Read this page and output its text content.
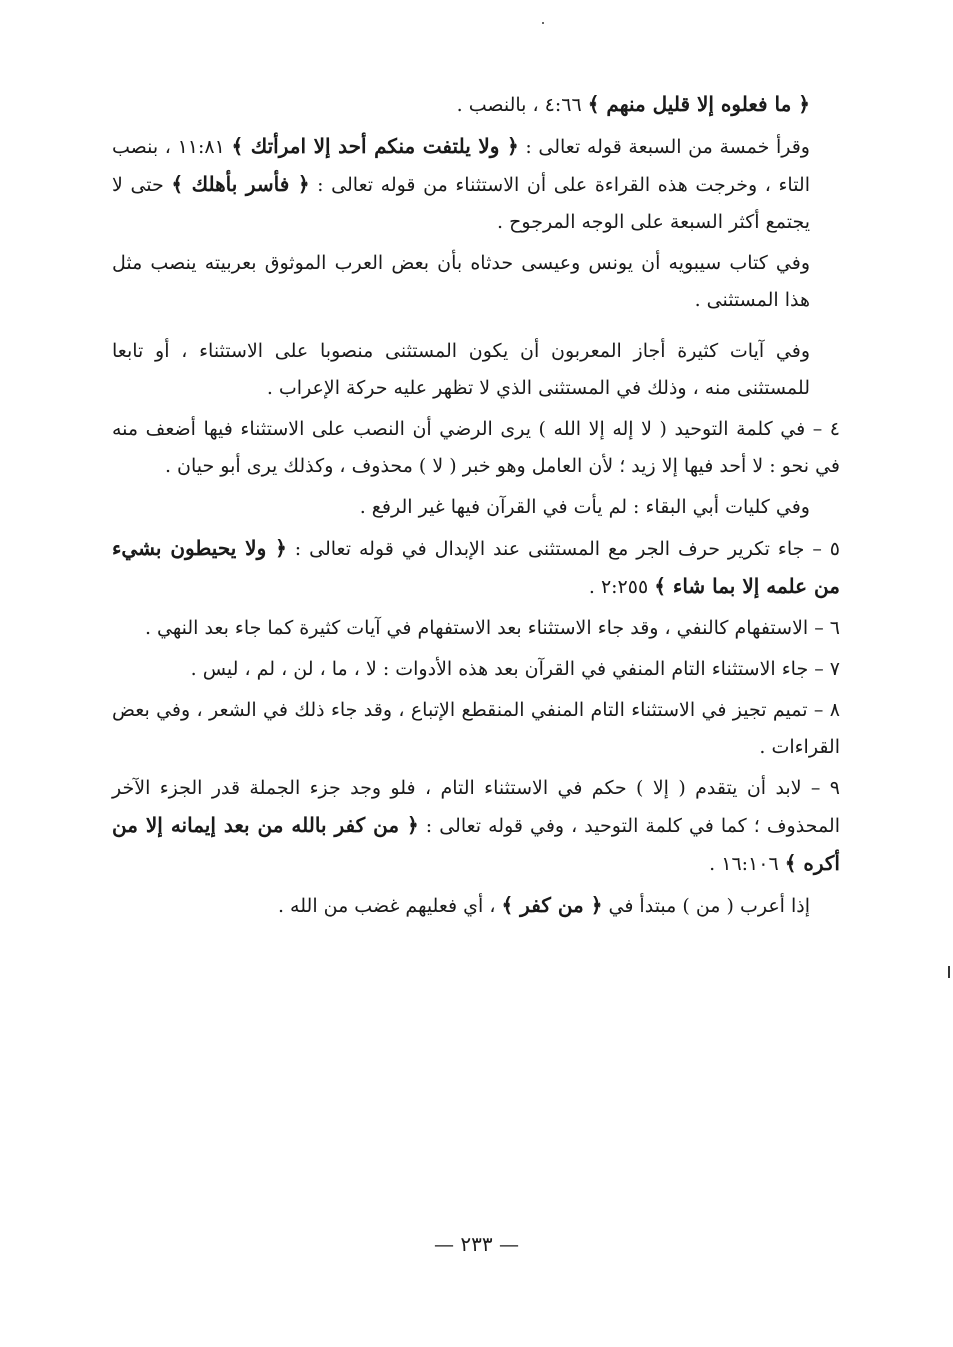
﴿ ما فعلوه إلا قليل منهم ﴾ ٤:٦٦ ، بالنصب .

وقرأ خمسة من السبعة قوله تعالى : ﴿ ولا يلتفت منكم أحد إلا امرأتك ﴾ ١١:٨١ ، بنصب التاء ، وخرجت هذه القراءة على أن الاستثناء من قوله تعالى : ﴿ فأسر بأهلك ﴾ حتى لا يجتمع أكثر السبعة على الوجه المرجوح .

وفي كتاب سيبويه أن يونس وعيسى حدثاه بأن بعض العرب الموثوق بعربيته ينصب مثل هذا المستثنى .

وفي آيات كثيرة أجاز المعربون أن يكون المستثنى منصوبا على الاستثناء ، أو تابعا للمستثنى منه ، وذلك في المستثنى الذي لا تظهر عليه حركة الإعراب .

٤ – في كلمة التوحيد ( لا إله إلا الله ) يرى الرضي أن النصب على الاستثناء فيها أضعف منه في نحو : لا أحد فيها إلا زيد ؛ لأن العامل وهو خبر ( لا ) محذوف ، وكذلك يرى أبو حيان .

وفي كليات أبي البقاء : لم يأت في القرآن فيها غير الرفع .

٥ – جاء تكرير حرف الجر مع المستثنى عند الإبدال في قوله تعالى : ﴿ ولا يحيطون بشيء من علمه إلا بما شاء ﴾ ٢:٢٥٥ .

٦ – الاستفهام كالنفي ، وقد جاء الاستثناء بعد الاستفهام في آيات كثيرة كما جاء بعد النهي .

٧ – جاء الاستثناء التام المنفي في القرآن بعد هذه الأدوات : لا ، ما ، لن ، لم ، ليس .

٨ – تميم تجيز في الاستثناء التام المنفي المنقطع الإتباع ، وقد جاء ذلك في الشعر ، وفي بعض القراءات .

٩ – لابد أن يتقدم ( إلا ) حكم في الاستثناء التام ، فلو وجد جزء الجملة قدر الجزء الآخر المحذوف ؛ كما في كلمة التوحيد ، وفي قوله تعالى : ﴿ من كفر بالله من بعد إيمانه إلا من أكره ﴾ ١٦:١٠٦ .

إذا أعرب ( من ) مبتدأ في ﴿ من كفر ﴾ ، أي فعليهم غضب من الله .

— ٢٣٣ —
